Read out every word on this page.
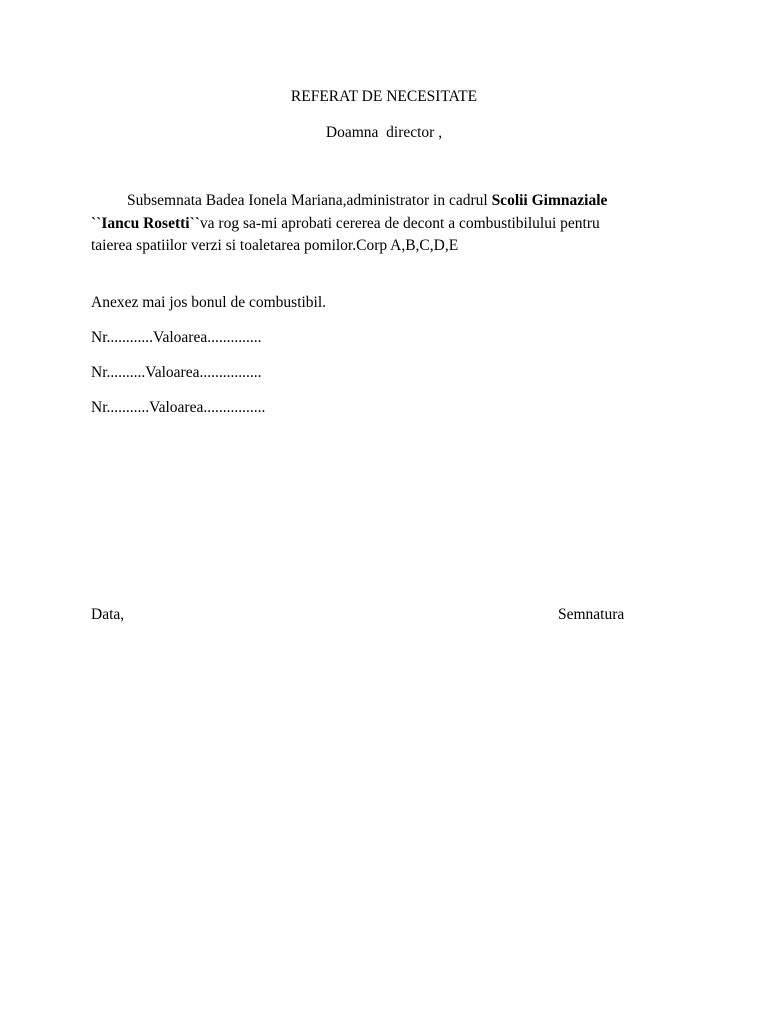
REFERAT DE NECESITATE
Doamna  director ,
Subsemnata Badea Ionela Mariana,administrator in cadrul Scolii Gimnaziale ``Iancu Rosetti``va rog sa-mi aprobati cererea de decont a combustibilului pentru taierea spatiilor verzi si toaletarea pomilor.Corp A,B,C,D,E
Anexez mai jos bonul de combustibil.
Nr............Valoarea..............
Nr..........Valoarea................
Nr...........Valoarea................
Data,	Semnatura
